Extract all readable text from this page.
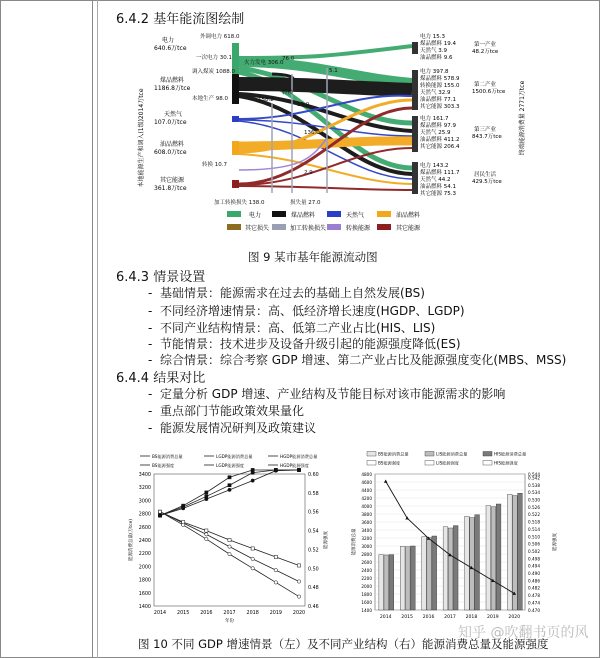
6.4.2 基年能流图绘制
本地能源生产和调入(1级)2014万tce
电力
640.6万tce
煤品燃料
1186.8万tce
天然气
107.0万tce
油品燃料
608.0万tce
其它能源
361.8万tce
外调电力 618.0
一次电力 30.1
火力发电 306.0
调入煤炭 1088.0
本地生产 98.0
76.0
5.1
158.2
转换
19.0
136.0
转换 10.7
2.9
加工转换损失 138.0	损失量 27.0
电力 15.3
煤品燃料 19.4
天然气 3.9
油品燃料 9.6
第一产业
48.2万tce
电力 397.8
煤品燃料 578.9
转换能源 155.0
天然气 32.9
油品燃料 77.1
其它能源 303.3
第二产业
1500.6万tce
电力 161.7
煤品燃料 97.9
天然气 25.9
油品燃料 411.2
其它能源 206.4
第三产业
843.7万tce
电力 143.2
煤品燃料 111.7
天然气 44.2
油品燃料 54.1
其它能源 75.3
居民生活
429.5万tce
终端能源消费量 2771万tce
电力	煤品燃料	天然气	油品燃料
其它损失	加工转换损失	转换能源	其它能源
图 9 某市基年能源流动图
6.4.3 情景设置
-  基础情景：能源需求在过去的基础上自然发展(BS)
-  不同经济增速情景：高、低经济增长速度(HGDP、LGDP)
-  不同产业结构情景：高、低第二产业占比(HIS、LIS)
-  节能情景：技术进步及设备升级引起的能源强度降低(ES)
-  综合情景：综合考察 GDP 增速、第二产业占比及能源强度变化(MBS、MSS)
6.4.4 结果对比
-  定量分析 GDP 增速、产业结构及节能目标对该市能源需求的影响
-  重点部门节能政策效果量化
-  能源发展情况研判及政策建议
1400
1600
1800
2000
2200
2400
2600
2800
3000
3200
3400
0.46
0.48
0.50
0.52
0.54
0.56
0.58
0.60
2014 2015 2016 2017 2018 2019 2020
年份
能源消费总量(万tce)	能源强度
BS能源消费总量	LGDP能源消费总量	HGDP能源消费总量
BS能源强度	LGDP能源强度	HGDP能源强度
1400
1600
1800
2000
2200
2400
2600
2800
3000
3200
3400
3600
3800
4000
4200
4400
4600
4800
0.470
0.474
0.478
0.482
0.486
0.490
0.494
0.498
0.502
0.506
0.510
0.514
0.518
0.522
0.526
0.530
0.534
0.538
0.542
0.544
能源消费总量	能源强度
2014 2015 2016 2017 2018 2019 2020
BS能源消费总量	LIS能源消费总量	HIS能源消费总量
BS能源强度	LIS能源强度	HIS能源强度
图 10 不同 GDP 增速情景（左）及不同产业结构（右）能源消费总量及能源强度
知乎 @吹翻书页的风
